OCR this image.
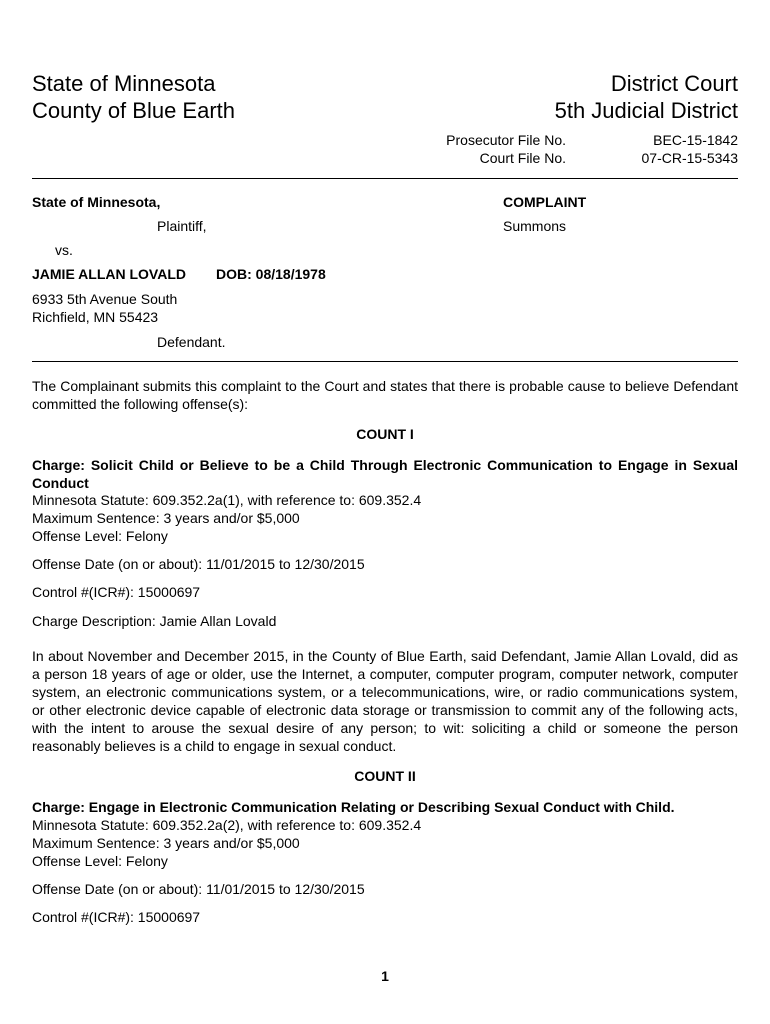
State of Minnesota
County of Blue Earth
District Court
5th Judicial District
Prosecutor File No.	BEC-15-1842
Court File No.	07-CR-15-5343
State of Minnesota,
Plaintiff,
COMPLAINT
Summons
vs.
JAMIE ALLAN LOVALD DOB: 08/18/1978
6933 5th Avenue South
Richfield, MN 55423
Defendant.
The Complainant submits this complaint to the Court and states that there is probable cause to believe Defendant committed the following offense(s):
COUNT I
Charge: Solicit Child or Believe to be a Child Through Electronic Communication to Engage in Sexual Conduct
Minnesota Statute: 609.352.2a(1), with reference to: 609.352.4
Maximum Sentence: 3 years and/or $5,000
Offense Level: Felony
Offense Date (on or about): 11/01/2015 to 12/30/2015
Control #(ICR#): 15000697
Charge Description: Jamie Allan Lovald
In about November and December 2015, in the County of Blue Earth, said Defendant, Jamie Allan Lovald, did as a person 18 years of age or older, use the Internet, a computer, computer program, computer network, computer system, an electronic communications system, or a telecommunications, wire, or radio communications system, or other electronic device capable of electronic data storage or transmission to commit any of the following acts, with the intent to arouse the sexual desire of any person; to wit: soliciting a child or someone the person reasonably believes is a child to engage in sexual conduct.
COUNT II
Charge: Engage in Electronic Communication Relating or Describing Sexual Conduct with Child.
Minnesota Statute: 609.352.2a(2), with reference to: 609.352.4
Maximum Sentence: 3 years and/or $5,000
Offense Level: Felony
Offense Date (on or about): 11/01/2015 to 12/30/2015
Control #(ICR#): 15000697
1
